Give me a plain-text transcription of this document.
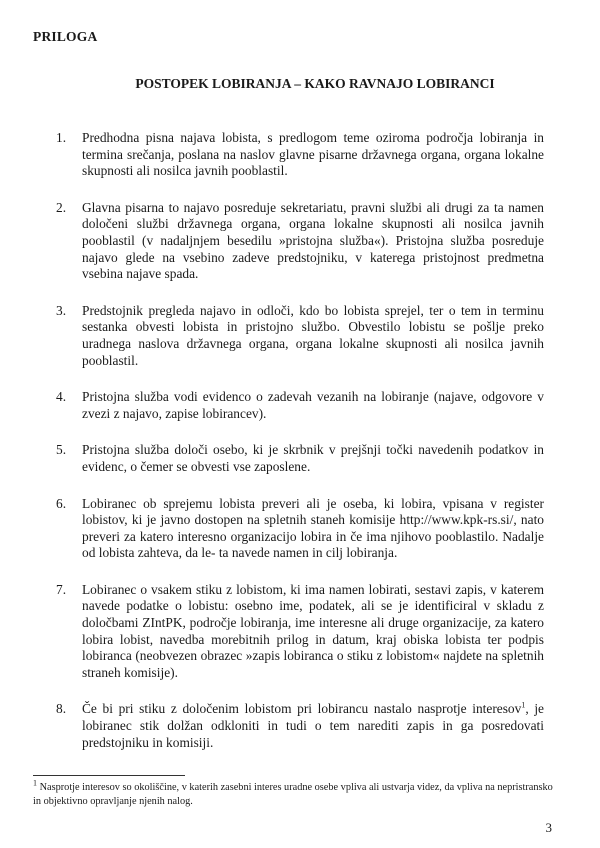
PRILOGA
POSTOPEK LOBIRANJA – KAKO RAVNAJO LOBIRANCI
1. Predhodna pisna najava lobista, s predlogom teme oziroma področja lobiranja in termina srečanja, poslana na naslov glavne pisarne državnega organa, organa lokalne skupnosti ali nosilca javnih pooblastil.
2. Glavna pisarna to najavo posreduje sekretariatu, pravni službi ali drugi za ta namen določeni službi državnega organa, organa lokalne skupnosti ali nosilca javnih pooblastil (v nadaljnjem besedilu »pristojna služba«). Pristojna služba posreduje najavo glede na vsebino zadeve predstojniku, v katerega pristojnost predmetna vsebina najave spada.
3. Predstojnik pregleda najavo in odloči, kdo bo lobista sprejel, ter o tem in terminu sestanka obvesti lobista in pristojno službo. Obvestilo lobistu se pošlje preko uradnega naslova državnega organa, organa lokalne skupnosti ali nosilca javnih pooblastil.
4. Pristojna služba vodi evidenco o zadevah vezanih na lobiranje (najave, odgovore v zvezi z najavo, zapise lobirancev).
5. Pristojna služba določi osebo, ki je skrbnik v prejšnji točki navedenih podatkov in evidenc, o čemer se obvesti vse zaposlene.
6. Lobiranec ob sprejemu lobista preveri ali je oseba, ki lobira, vpisana v register lobistov, ki je javno dostopen na spletnih staneh komisije http://www.kpk-rs.si/, nato preveri za katero interesno organizacijo lobira in če ima njihovo pooblastilo. Nadalje od lobista zahteva, da le- ta navede namen in cilj lobiranja.
7. Lobiranec o vsakem stiku z lobistom, ki ima namen lobirati, sestavi zapis, v katerem navede podatke o lobistu: osebno ime, podatek, ali se je identificiral v skladu z določbami ZIntPK, področje lobiranja, ime interesne ali druge organizacije, za katero lobira lobist, navedba morebitnih prilog in datum, kraj obiska lobista ter podpis lobiranca (neobvezen obrazec »zapis lobiranca o stiku z lobistom« najdete na spletnih straneh komisije).
8. Če bi pri stiku z določenim lobistom pri lobirancu nastalo nasprotje interesov$^1$, je lobiranec stik dolžan odkloniti in tudi o tem narediti zapis in ga posredovati predstojniku in komisiji.
$^1$ Nasprotje interesov so okoliščine, v katerih zasebni interes uradne osebe vpliva ali ustvarja videz, da vpliva na nepristransko in objektivno opravljanje njenih nalog.
3
